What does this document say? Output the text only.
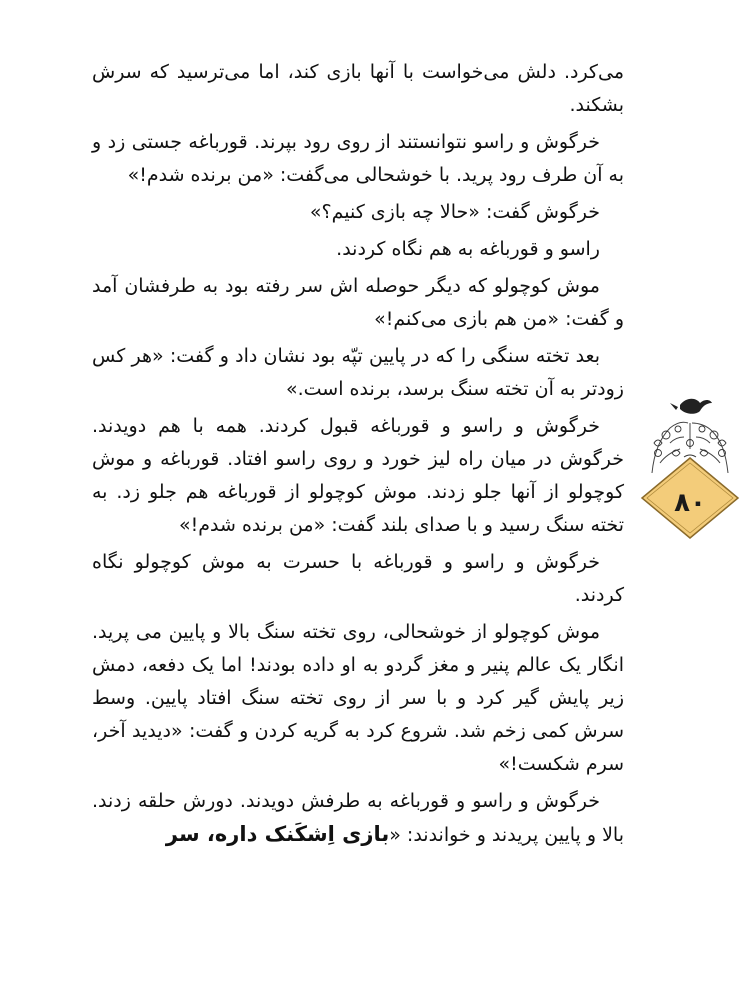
می‌کرد. دلش می‌خواست با آنها بازی کند، اما می‌ترسید که سرش بشکند.

خرگوش و راسو نتوانستند از روی رود بپرند. قورباغه جستی زد و به آن طرف رود پرید. با خوشحالی می‌گفت: «من برنده شدم!»

خرگوش گفت: «حالا چه بازی کنیم؟»

راسو و قورباغه به هم نگاه کردند.

موش کوچولو که دیگر حوصله اش سر رفته بود به طرفشان آمد و گفت: «من هم بازی می‌کنم!»

بعد تخته سنگی را که در پایین تپّه بود نشان داد و گفت: «هر کس زودتر به آن تخته سنگ برسد، برنده است.»

خرگوش و راسو و قورباغه قبول کردند. همه با هم دویدند. خرگوش در میان راه لیز خورد و روی راسو افتاد. قورباغه و موش کوچولو از آنها جلو زدند. موش کوچولو از قورباغه هم جلو زد. به تخته سنگ رسید و با صدای بلند گفت: «من برنده شدم!»

خرگوش و راسو و قورباغه با حسرت به موش کوچولو نگاه کردند.

موش کوچولو از خوشحالی، روی تخته سنگ بالا و پایین می پرید. انگار یک عالم پنیر و مغز گردو به او داده بودند! اما یک دفعه، دمش زیر پایش گیر کرد و با سر از روی تخته سنگ افتاد پایین. وسط سرش کمی زخم شد. شروع کرد به گریه کردن و گفت: «دیدید آخر، سرم شکست!»

خرگوش و راسو و قورباغه به طرفش دویدند. دورش حلقه زدند. بالا و پایین پریدند و خواندند: «بازی اِشکَنک داره، سر

۸۰
